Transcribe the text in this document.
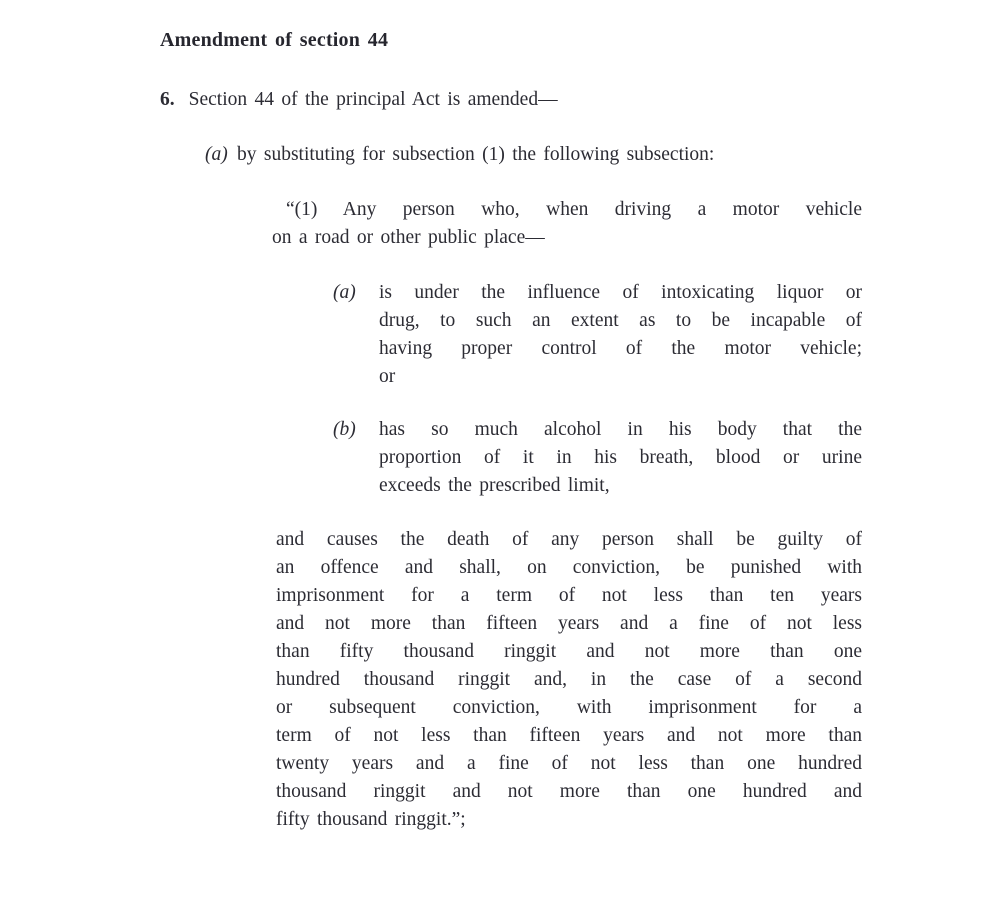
Amendment of section 44
6. Section 44 of the principal Act is amended—
(a) by substituting for subsection (1) the following subsection:
“(1) Any person who, when driving a motor vehicle
on a road or other public place—
(a)	is under the influence of intoxicating liquor or
drug, to such an extent as to be incapable of
having proper control of the motor vehicle;
or
(b)	has so much alcohol in his body that the
proportion of it in his breath, blood or urine
exceeds the prescribed limit,
and causes the death of any person shall be guilty of
an offence and shall, on conviction, be punished with
imprisonment for a term of not less than ten years
and not more than fifteen years and a fine of not less
than fifty thousand ringgit and not more than one
hundred thousand ringgit and, in the case of a second
or subsequent conviction, with imprisonment for a
term of not less than fifteen years and not more than
twenty years and a fine of not less than one hundred
thousand ringgit and not more than one hundred and
fifty thousand ringgit.”;
